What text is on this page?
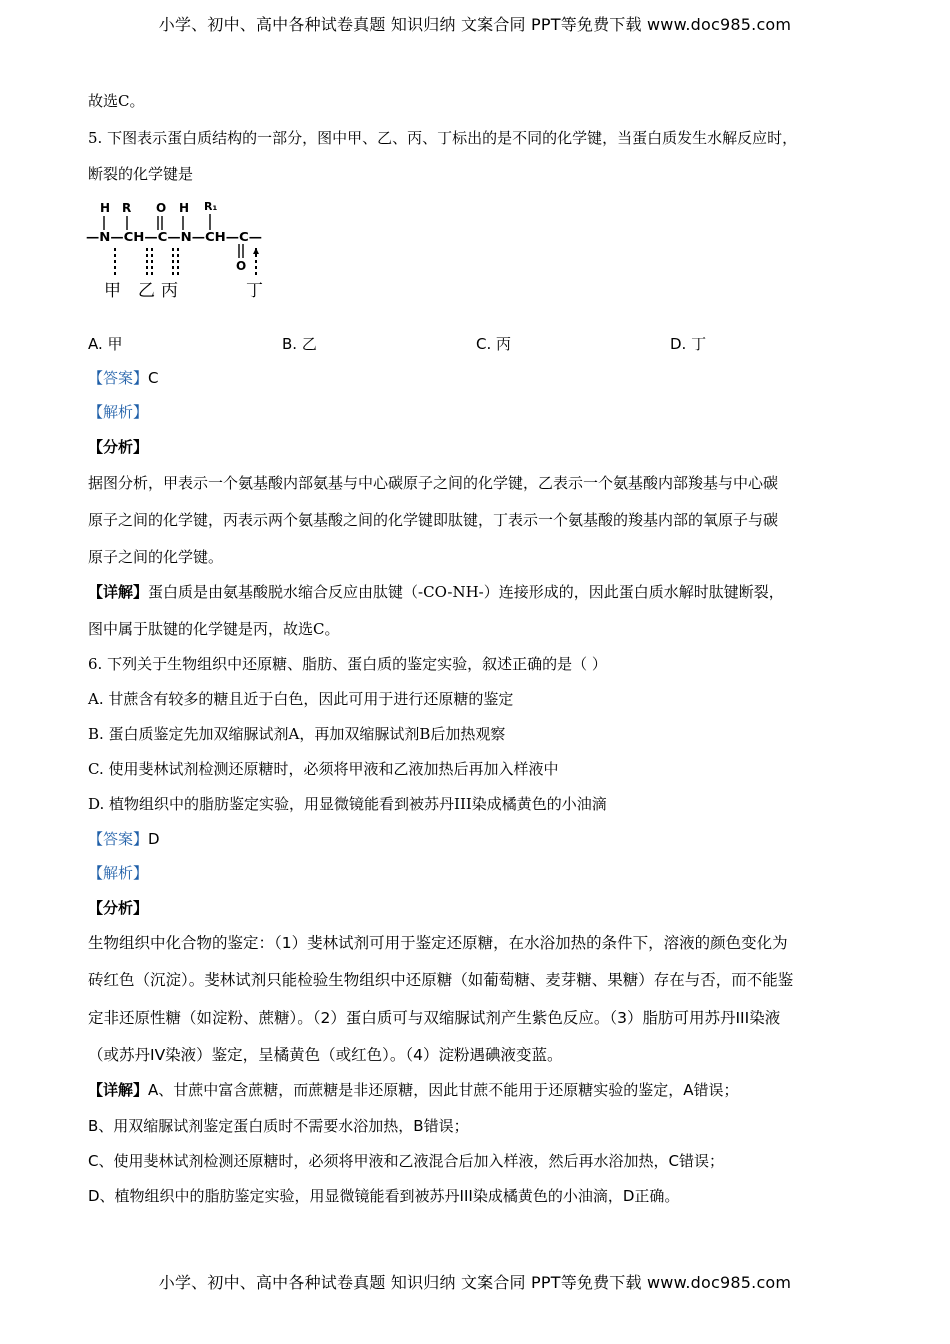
小学、初中、高中各种试卷真题 知识归纳 文案合同 PPT等免费下载 www.doc985.com
故选C。
5. 下图表示蛋白质结构的一部分，图中甲、乙、丙、丁标出的是不同的化学键，当蛋白质发生水解反应时，
断裂的化学键是
H R O H R₁
—N—CH—C—N—CH—C—
O
甲 乙 丙	丁
A. 甲	B. 乙	C. 丙	D. 丁
【答案】C
【解析】
【分析】
据图分析，甲表示一个氨基酸内部氨基与中心碳原子之间的化学键，乙表示一个氨基酸内部羧基与中心碳
原子之间的化学键，丙表示两个氨基酸之间的化学键即肽键，丁表示一个氨基酸的羧基内部的氧原子与碳
原子之间的化学键。
【详解】蛋白质是由氨基酸脱水缩合反应由肽键（-CO-NH-）连接形成的，因此蛋白质水解时肽键断裂，
图中属于肽键的化学键是丙，故选C。
6. 下列关于生物组织中还原糖、脂肪、蛋白质的鉴定实验，叙述正确的是（ ）
A. 甘蔗含有较多的糖且近于白色，因此可用于进行还原糖的鉴定
B. 蛋白质鉴定先加双缩脲试剂A，再加双缩脲试剂B后加热观察
C. 使用斐林试剂检测还原糖时，必须将甲液和乙液加热后再加入样液中
D. 植物组织中的脂肪鉴定实验，用显微镜能看到被苏丹III染成橘黄色的小油滴
【答案】D
【解析】
【分析】
生物组织中化合物的鉴定：（1）斐林试剂可用于鉴定还原糖，在水浴加热的条件下，溶液的颜色变化为
砖红色（沉淀）。斐林试剂只能检验生物组织中还原糖（如葡萄糖、麦芽糖、果糖）存在与否，而不能鉴
定非还原性糖（如淀粉、蔗糖）。（2）蛋白质可与双缩脲试剂产生紫色反应。（3）脂肪可用苏丹III染液
（或苏丹IV染液）鉴定，呈橘黄色（或红色）。（4）淀粉遇碘液变蓝。
【详解】A、甘蔗中富含蔗糖，而蔗糖是非还原糖，因此甘蔗不能用于还原糖实验的鉴定，A错误；
B、用双缩脲试剂鉴定蛋白质时不需要水浴加热，B错误；
C、使用斐林试剂检测还原糖时，必须将甲液和乙液混合后加入样液，然后再水浴加热，C错误；
D、植物组织中的脂肪鉴定实验，用显微镜能看到被苏丹III染成橘黄色的小油滴，D正确。
小学、初中、高中各种试卷真题 知识归纳 文案合同 PPT等免费下载 www.doc985.com
